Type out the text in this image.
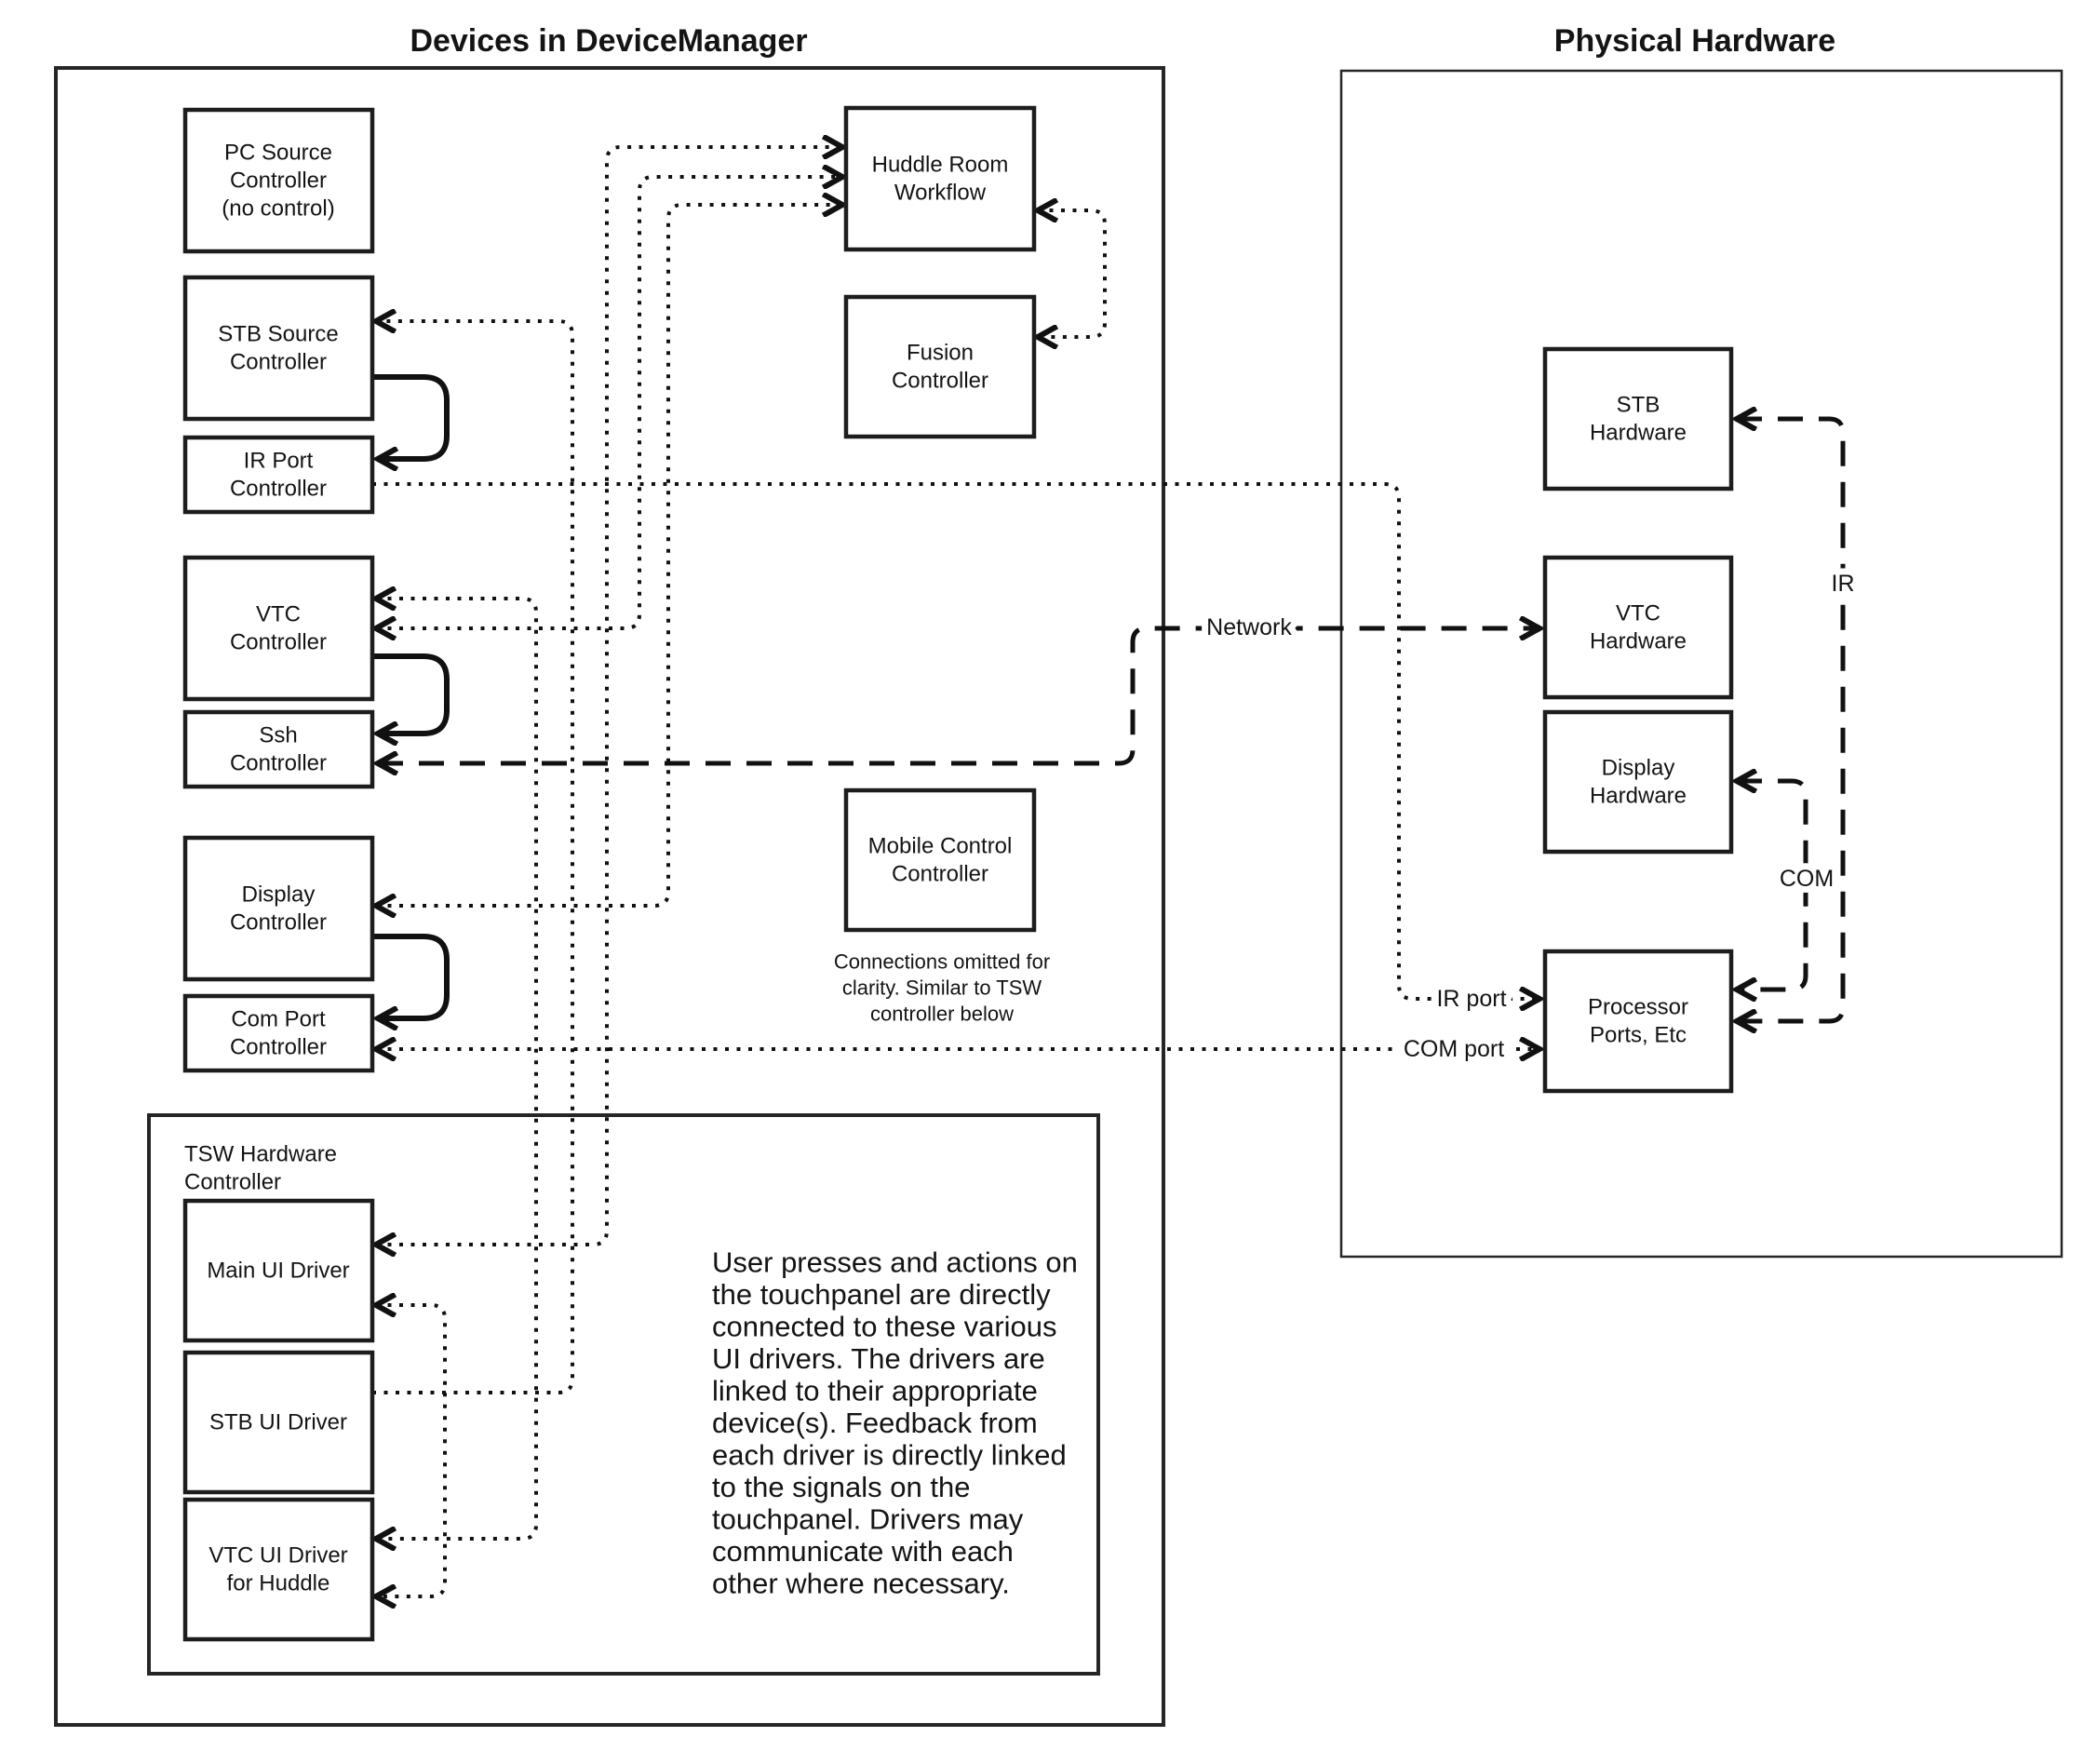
Devices in DeviceManager	Physical Hardware
TSW Hardware
Controller
Network
IR port
COM port
COM
IR
PC Source
Controller
(no control)
STB Source
Controller
IR Port
Controller
VTC
Controller
Ssh
Controller
Display
Controller
Com Port
Controller
Main UI Driver
STB UI Driver
VTC UI Driver
for Huddle
Huddle Room
Workflow
Fusion
Controller
Mobile Control
Controller
Connections omitted for
clarity. Similar to TSW
controller below
STB
Hardware
VTC
Hardware
Display
Hardware
Processor
Ports, Etc
User presses and actions on
the touchpanel are directly
connected to these various
UI drivers. The drivers are
linked to their appropriate
device(s). Feedback from
each driver is directly linked
to the signals on the
touchpanel. Drivers may
communicate with each
other where necessary.
